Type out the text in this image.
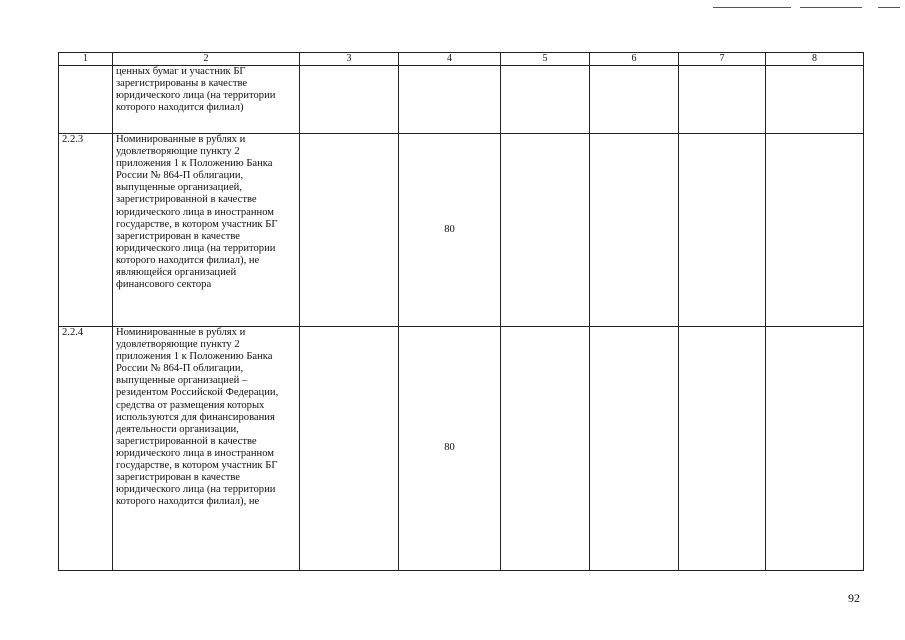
1	2	3	4	5	6	7	8
	ценных бумаг и участник БГ зарегистрированы в качестве юридического лица (на территории которого находится филиал)						
2.2.3	Номинированные в рублях и удовлетворяющие пункту 2 приложения 1 к Положению Банка России № 864-П облигации, выпущенные организацией, зарегистрированной в качестве юридического лица в иностранном государстве, в котором участник БГ зарегистрирован в качестве юридического лица (на территории которого находится филиал), не являющейся организацией финансового сектора		80				
2.2.4	Номинированные в рублях и удовлетворяющие пункту 2 приложения 1 к Положению Банка России № 864-П облигации, выпущенные организацией – резидентом Российской Федерации, средства от размещения которых используются для финансирования деятельности организации, зарегистрированной в качестве юридического лица в иностранном государстве, в котором участник БГ зарегистрирован в качестве юридического лица (на территории которого находится филиал), не		80				
92
